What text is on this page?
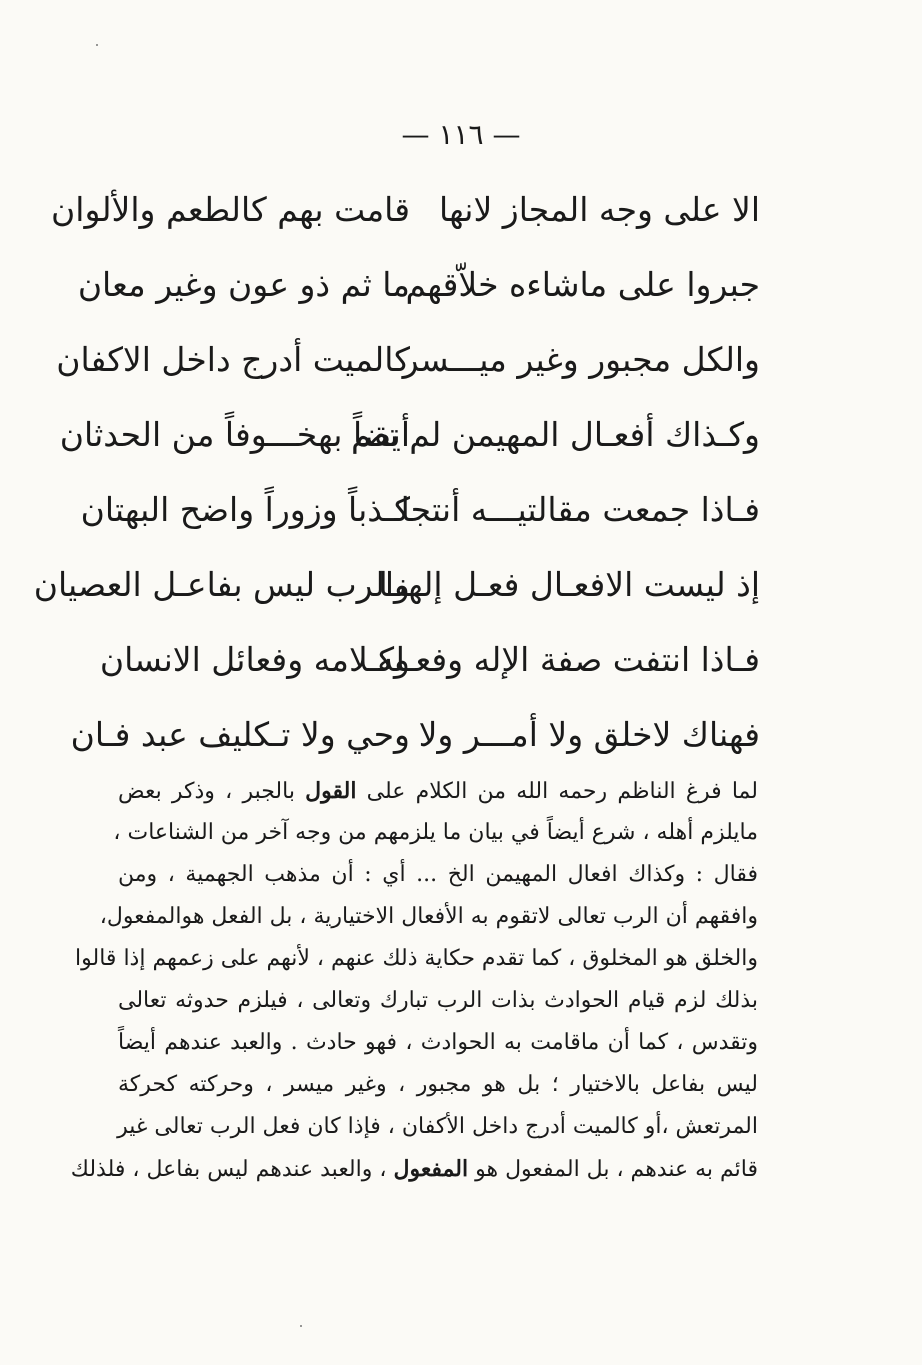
— ١١٦ —
الا على وجه المجاز لانها
قامت بهم كالطعم والألوان
جبروا على ماشاءه خلاّقهم
ما ثم ذو عون وغير معان
والكل مجبور وغير ميـــسر
كالميت أدرج داخل الاكفان
وكـذاك أفعـال المهيمن لم تقم
أيضاً بهخـــوفاً من الحدثان
فـاذا جمعت مقالتيـــه أنتجا
كـذباً وزوراً واضح البهتان
إذ ليست الافعـال فعـل إلهنـا
والرب ليس بفاعـل العصيان
فـاذا انتفت صفة الإله وفعـله
وكـلامه وفعائل الانسان
فهناك لاخلق ولا أمـــر ولا
وحي ولا تـكليف عبد فـان
لما فرغ الناظم رحمه الله من الكلام على القول بالجبر ، وذكر بعض
مايلزم أهله ، شرع أيضاً في بيان ما يلزمهم من وجه آخر من الشناعات ،
فقال : وكذاك افعال المهيمن الخ ... أي : أن مذهب الجهمية ، ومن
وافقهم أن الرب تعالى لاتقوم به الأفعال الاختيارية ، بل الفعل هوالمفعول،
والخلق هو المخلوق ، كما تقدم حكاية ذلك عنهم ، لأنهم على زعمهم إذا قالوا
بذلك لزم قيام الحوادث بذات الرب تبارك وتعالى ، فيلزم حدوثه تعالى
وتقدس ، كما أن ماقامت به الحوادث ، فهو حادث . والعبد عندهم أيضاً
ليس بفاعل بالاختيار ؛ بل هو مجبور ، وغير ميسر ، وحركته كحركة
المرتعش ،أو كالميت أدرج داخل الأكفان ، فإذا كان فعل الرب تعالى غير
قائم به عندهم ، بل المفعول هو المفعول ، والعبد عندهم ليس بفاعل ، فلذلك
